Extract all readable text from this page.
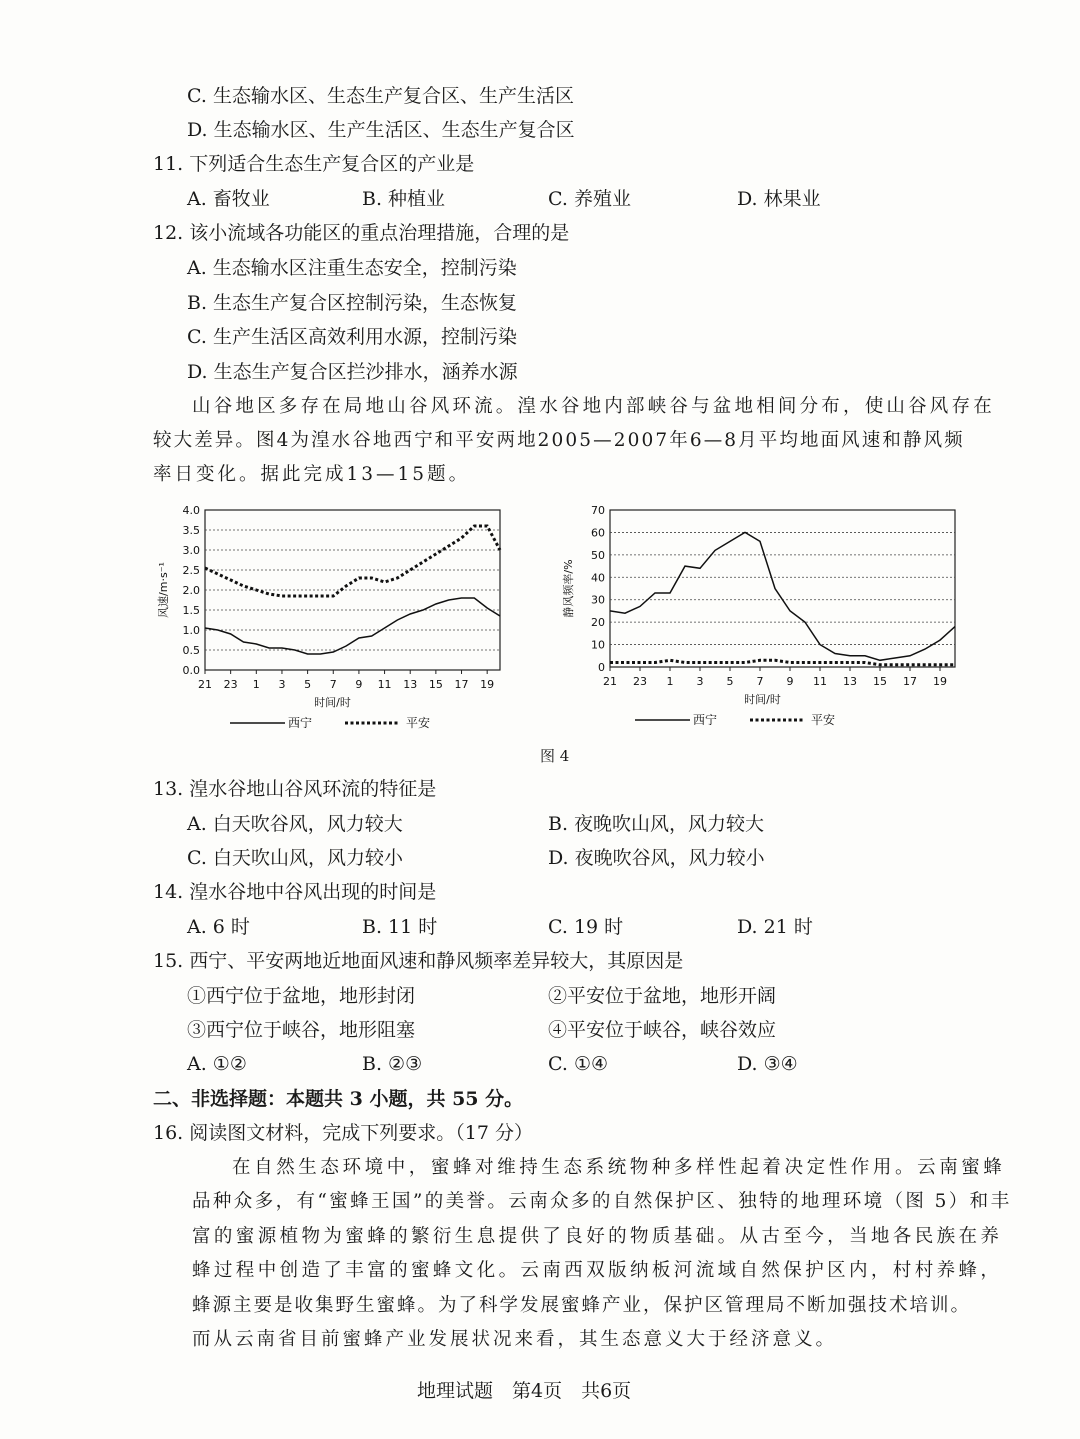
C. 生态输水区、生态生产复合区、生产生活区
D. 生态输水区、生产生活区、生态生产复合区
11. 下列适合生态生产复合区的产业是
A. 畜牧业	B. 种植业	C. 养殖业	D. 林果业
12. 该小流域各功能区的重点治理措施，合理的是
A. 生态输水区注重生态安全，控制污染
B. 生态生产复合区控制污染，生态恢复
C. 生产生活区高效利用水源，控制污染
D. 生态生产复合区拦沙排水，涵养水源
山谷地区多存在局地山谷风环流。湟水谷地内部峡谷与盆地相间分布，使山谷风存在
较大差异。图4为湟水谷地西宁和平安两地2005—2007年6—8月平均地面风速和静风频
率日变化。据此完成13—15题。
0.0
0.5
1.0
1.5
2.0
2.5
3.0
3.5
4.0
21 23 1 3 5 7 9 11 13 15 17 19
时间/时
风速/m·s⁻¹
西宁	平安
0
10
20
30
40
50
60
70
21 23 1 3 5 7 9 11 13 15 17 19
时间/时
静风频率/%
西宁	平安
图 4
13. 湟水谷地山谷风环流的特征是
A. 白天吹谷风，风力较大	B. 夜晚吹山风，风力较大
C. 白天吹山风，风力较小	D. 夜晚吹谷风，风力较小
14. 湟水谷地中谷风出现的时间是
A. 6 时	B. 11 时	C. 19 时	D. 21 时
15. 西宁、平安两地近地面风速和静风频率差异较大，其原因是
①西宁位于盆地，地形封闭	②平安位于盆地，地形开阔
③西宁位于峡谷，地形阻塞	④平安位于峡谷，峡谷效应
A. ①②	B. ②③	C. ①④	D. ③④
二、非选择题：本题共 3 小题，共 55 分。
16. 阅读图文材料，完成下列要求。（17 分）
在自然生态环境中，蜜蜂对维持生态系统物种多样性起着决定性作用。云南蜜蜂
品种众多，有“蜜蜂王国”的美誉。云南众多的自然保护区、独特的地理环境（图 5）和丰
富的蜜源植物为蜜蜂的繁衍生息提供了良好的物质基础。从古至今，当地各民族在养
蜂过程中创造了丰富的蜜蜂文化。云南西双版纳板河流域自然保护区内，村村养蜂，
蜂源主要是收集野生蜜蜂。为了科学发展蜜蜂产业，保护区管理局不断加强技术培训。
而从云南省目前蜜蜂产业发展状况来看，其生态意义大于经济意义。
地理试题　第4页　共6页
